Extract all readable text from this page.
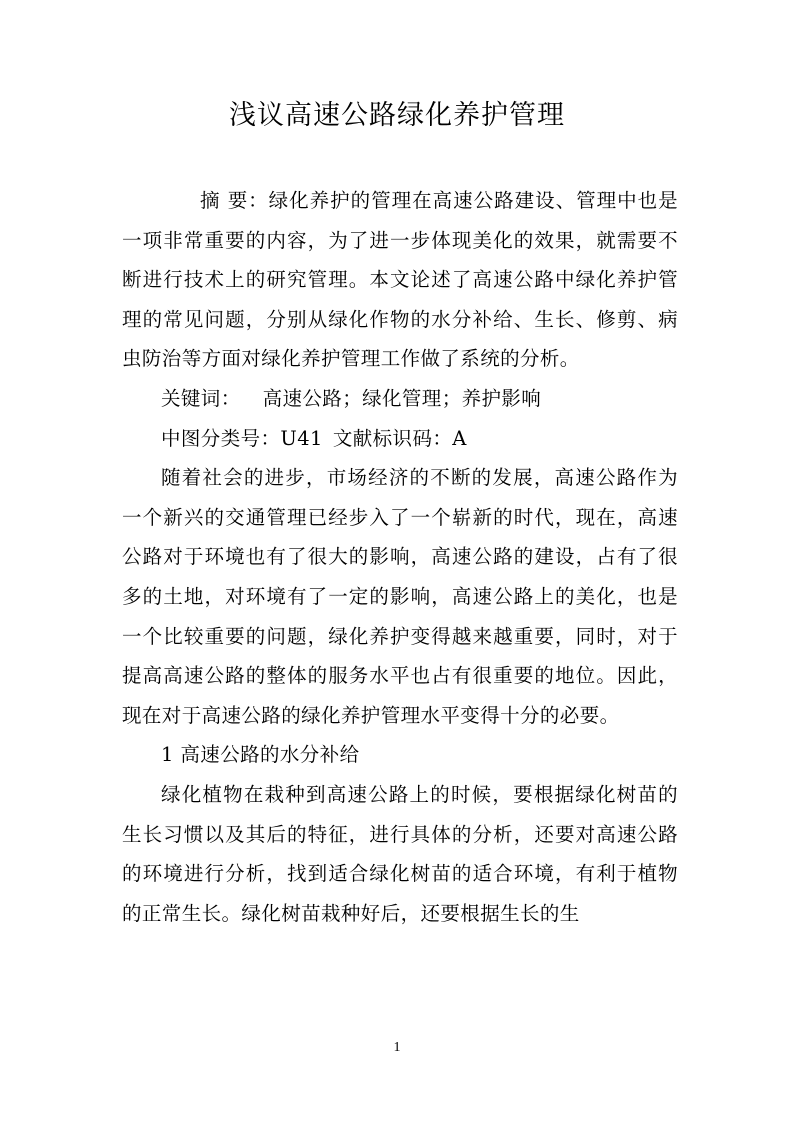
浅议高速公路绿化养护管理

摘 要：绿化养护的管理在高速公路建设、管理中也是一项非常重要的内容，为了进一步体现美化的效果，就需要不断进行技术上的研究管理。本文论述了高速公路中绿化养护管理的常见问题，分别从绿化作物的水分补给、生长、修剪、病虫防治等方面对绿化养护管理工作做了系统的分析。

关键词： 高速公路；绿化管理；养护影响

中图分类号：U41 文献标识码：A

随着社会的进步，市场经济的不断的发展，高速公路作为一个新兴的交通管理已经步入了一个崭新的时代，现在，高速公路对于环境也有了很大的影响，高速公路的建设，占有了很多的土地，对环境有了一定的影响，高速公路上的美化，也是一个比较重要的问题，绿化养护变得越来越重要，同时，对于提高高速公路的整体的服务水平也占有很重要的地位。因此，现在对于高速公路的绿化养护管理水平变得十分的必要。

1 高速公路的水分补给

绿化植物在栽种到高速公路上的时候，要根据绿化树苗的生长习惯以及其后的特征，进行具体的分析，还要对高速公路的环境进行分析，找到适合绿化树苗的适合环境，有利于植物的正常生长。绿化树苗栽种好后，还要根据生长的生

1
